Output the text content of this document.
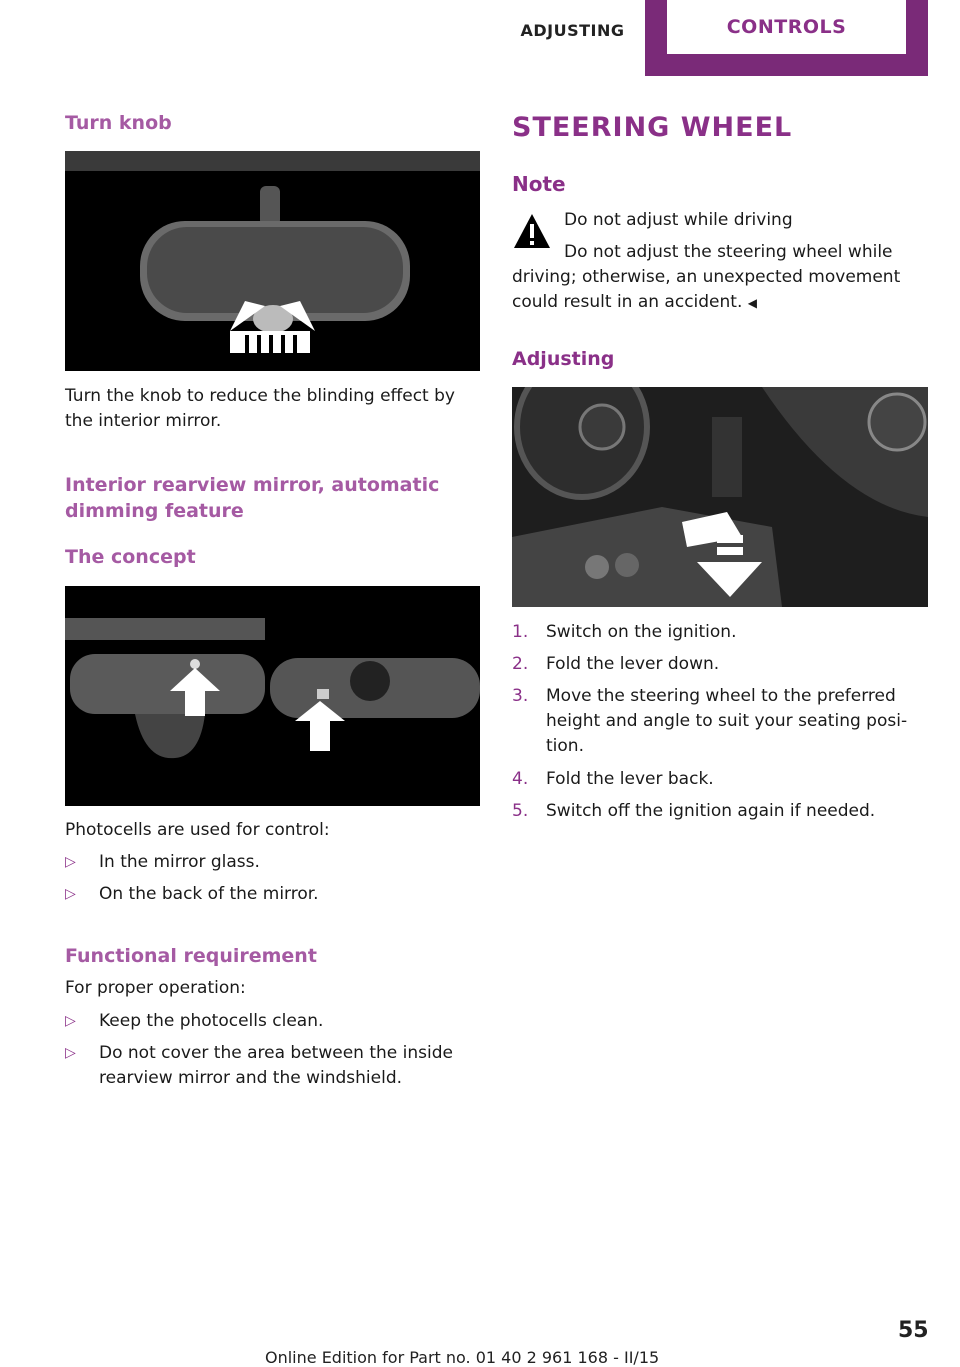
ADJUSTING	CONTROLS
Turn knob

Turn the knob to reduce the blinding effect by the interior mirror.

Interior rearview mirror, automatic dimming feature
The concept

Photocells are used for control:

▷	In the mirror glass.
▷	On the back of the mirror.
Functional requirement

For proper operation:

▷	Keep the photocells clean.
▷	Do not cover the area between the inside rearview mirror and the windshield.
STEERING WHEEL
Note

Do not adjust while driving

Do not adjust the steering wheel while driving; otherwise, an unexpected movement could result in an accident. ◀

Adjusting
1.	Switch on the ignition.
2.	Fold the lever down.
3.	Move the steering wheel to the preferred height and angle to suit your seating position.
4.	Fold the lever back.
5.	Switch off the ignition again if needed.
55
Online Edition for Part no. 01 40 2 961 168 - II/15
